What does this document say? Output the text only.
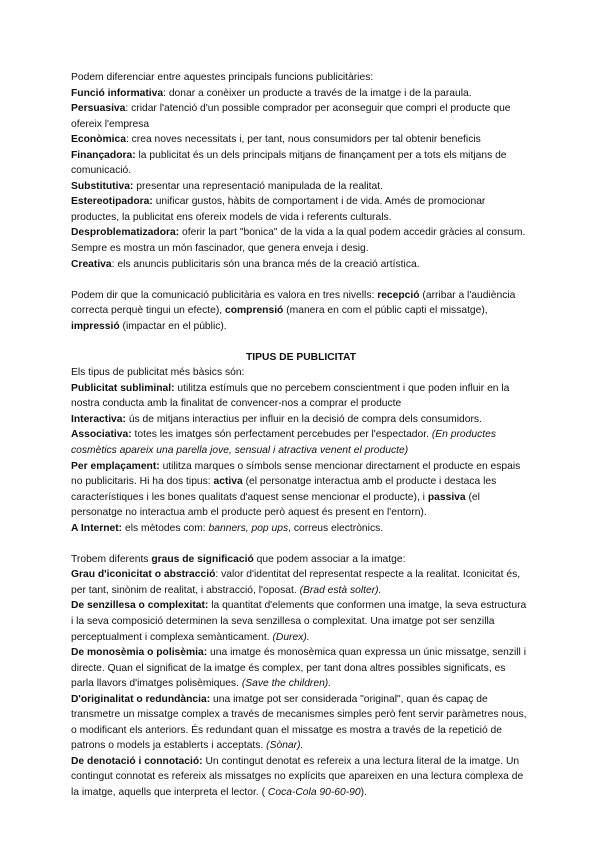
Podem diferenciar entre aquestes principals funcions publicitàries:

Funció informativa: donar a conèixer un producte a través de la imatge i de la paraula.

Persuasiva: cridar l'atenció d'un possible comprador per aconseguir que compri el producte que ofereix l'empresa

Econòmica: crea noves necessitats i, per tant, nous consumidors per tal obtenir beneficis

Finançadora: la publicitat és un dels principals mitjans de finançament per a tots els mitjans de comunicació.

Substitutiva: presentar una representació manipulada de la realitat.

Estereotipadora: unificar gustos, hàbits de comportament i de vida. Amés de promocionar productes, la publicitat ens ofereix models de vida i referents culturals.

Desproblematizadora: oferir la part "bonica" de la vida a la qual podem accedir gràcies al consum. Sempre es mostra un món fascinador, que genera enveja i desig.

Creativa: els anuncis publicitaris són una branca més de la creació artística.

Podem dir que la comunicació publicitària es valora en tres nivells: recepció (arribar a l'audiència correcta perquè tingui un efecte), comprensió (manera en com el públic capti el missatge), impressió (impactar en el públic).

TIPUS DE PUBLICITAT

Els tipus de publicitat més bàsics són:

Publicitat subliminal: utilitza estímuls que no percebem conscientment i que poden influir en la nostra conducta amb la finalitat de convencer-nos a comprar el producte

Interactiva: ús de mitjans interactius per influir en la decisió de compra dels consumidors.

Associativa: totes les imatges són perfectament percebudes per l'espectador. (En productes cosmètics apareix una parella jove, sensual i atractiva venent el producte)

Per emplaçament: utilitza marques o símbols sense mencionar directament el producte en espais no publicitaris. Hi ha dos tipus: activa (el personatge interactua amb el producte i destaca les característiques i les bones qualitats d'aquest sense mencionar el producte), i passiva (el personatge no interactua amb el producte però aquest és present en l'entorn).

A Internet: els mètodes com: banners, pop ups, correus electrònics.

Trobem diferents graus de significació que podem associar a la imatge:

Grau d'iconicitat o abstracció: valor d'identitat del representat respecte a la realitat. Iconicitat és, per tant, sinònim de realitat, i abstracció, l'oposat. (Brad està solter).

De senzillesa o complexitat: la quantitat d'elements que conformen una imatge, la seva estructura i la seva composició determinen la seva senzillesa o complexitat. Una imatge pot ser senzilla perceptualment i complexa semànticament. (Durex).

De monosèmia o polisèmia: una imatge és monosèmica quan expressa un únic missatge, senzill i directe. Quan el significat de la imatge és complex, per tant dona altres possibles significats, es parla llavors d'imatges polisèmiques. (Save the children).

D'originalitat o redundància: una imatge pot ser considerada "original", quan és capaç de transmetre un missatge complex a través de mecanismes simples però fent servir paràmetres nous, o modificant els anteriors. És redundant quan el missatge es mostra a través de la repetició de patrons o models ja establerts i acceptats. (Sònar).

De denotació i connotació: Un contingut denotat es refereix a una lectura literal de la imatge. Un contingut connotat es refereix als missatges no explícits que apareixen en una lectura complexa de la imatge, aquells que interpreta el lector. ( Coca-Cola 90-60-90).
